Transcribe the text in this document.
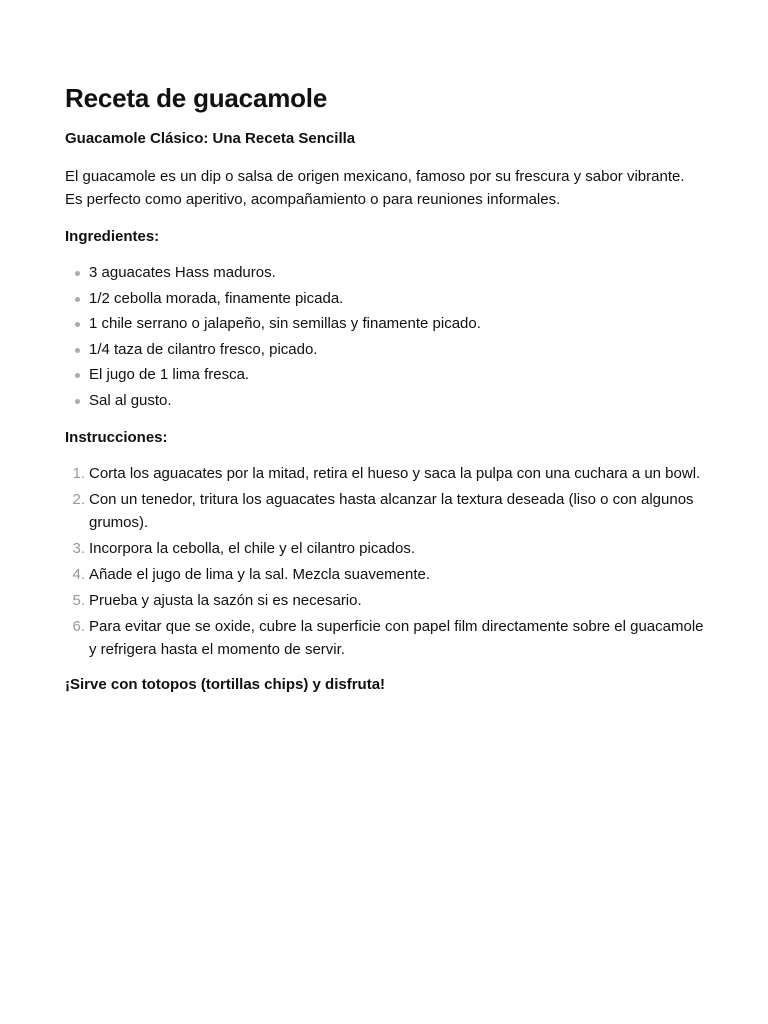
Receta de guacamole

Guacamole Clásico: Una Receta Sencilla

El guacamole es un dip o salsa de origen mexicano, famoso por su frescura y sabor vibrante. Es perfecto como aperitivo, acompañamiento o para reuniones informales.

Ingredientes:

3 aguacates Hass maduros.
1/2 cebolla morada, finamente picada.
1 chile serrano o jalapeño, sin semillas y finamente picado.
1/4 taza de cilantro fresco, picado.
El jugo de 1 lima fresca.
Sal al gusto.

Instrucciones:

1. Corta los aguacates por la mitad, retira el hueso y saca la pulpa con una cuchara a un bowl.
2. Con un tenedor, tritura los aguacates hasta alcanzar la textura deseada (liso o con algunos grumos).
3. Incorpora la cebolla, el chile y el cilantro picados.
4. Añade el jugo de lima y la sal. Mezcla suavemente.
5. Prueba y ajusta la sazón si es necesario.
6. Para evitar que se oxide, cubre la superficie con papel film directamente sobre el guacamole y refrigera hasta el momento de servir.

¡Sirve con totopos (tortillas chips) y disfruta!
